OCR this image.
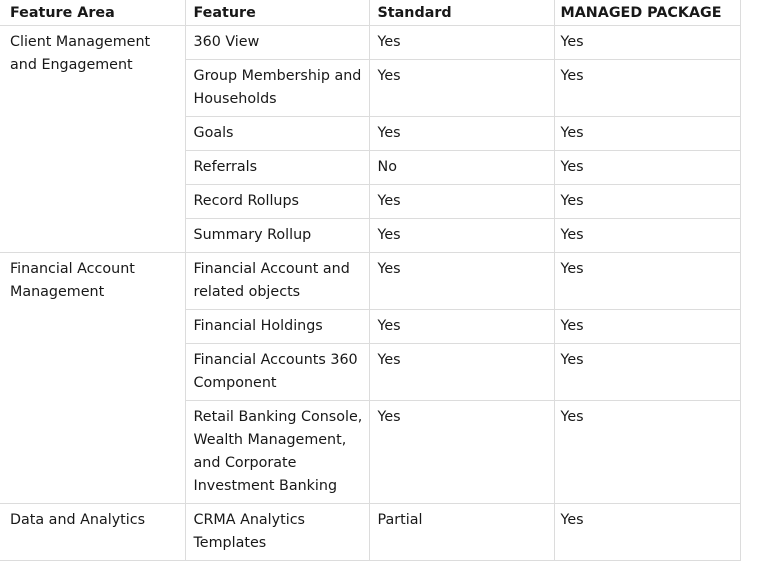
Feature Area	Feature	Standard	MANAGED PACKAGE
Client Management and Engagement	360 View	Yes	Yes
	Group Membership and Households	Yes	Yes
	Goals	Yes	Yes
	Referrals	No	Yes
	Record Rollups	Yes	Yes
	Summary Rollup	Yes	Yes
Financial Account Management	Financial Account and related objects	Yes	Yes
	Financial Holdings	Yes	Yes
	Financial Accounts 360 Component	Yes	Yes
	Retail Banking Console, Wealth Management, and Corporate Investment Banking	Yes	Yes
Data and Analytics	CRMA Analytics Templates	Partial	Yes
